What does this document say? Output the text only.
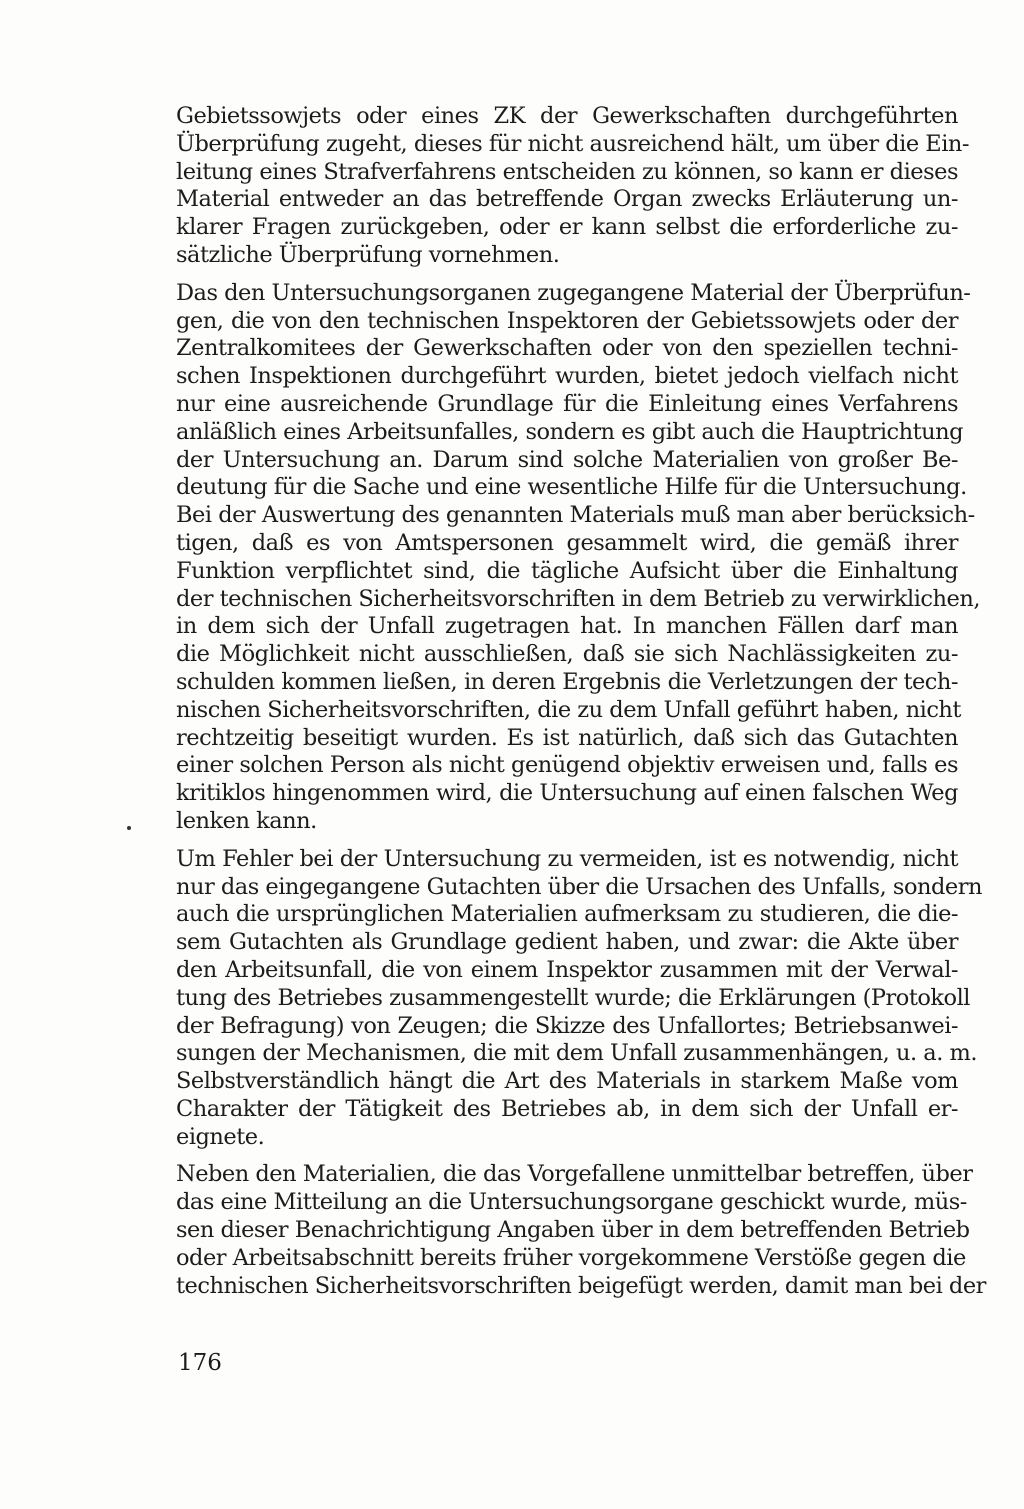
Gebietssowjets oder eines ZK der Gewerkschaften durchgeführten
Überprüfung zugeht, dieses für nicht ausreichend hält, um über die Ein-
leitung eines Strafverfahrens entscheiden zu können, so kann er dieses
Material entweder an das betreffende Organ zwecks Erläuterung un-
klarer Fragen zurückgeben, oder er kann selbst die erforderliche zu-
sätzliche Überprüfung vornehmen.

Das den Untersuchungsorganen zugegangene Material der Überprüfun-
gen, die von den technischen Inspektoren der Gebietssowjets oder der
Zentralkomitees der Gewerkschaften oder von den speziellen techni-
schen Inspektionen durchgeführt wurden, bietet jedoch vielfach nicht
nur eine ausreichende Grundlage für die Einleitung eines Verfahrens
anläßlich eines Arbeitsunfalles, sondern es gibt auch die Hauptrichtung
der Untersuchung an. Darum sind solche Materialien von großer Be-
deutung für die Sache und eine wesentliche Hilfe für die Untersuchung.
Bei der Auswertung des genannten Materials muß man aber berücksich-
tigen, daß es von Amtspersonen gesammelt wird, die gemäß ihrer
Funktion verpflichtet sind, die tägliche Aufsicht über die Einhaltung
der technischen Sicherheitsvorschriften in dem Betrieb zu verwirklichen,
in dem sich der Unfall zugetragen hat. In manchen Fällen darf man
die Möglichkeit nicht ausschließen, daß sie sich Nachlässigkeiten zu-
schulden kommen ließen, in deren Ergebnis die Verletzungen der tech-
nischen Sicherheitsvorschriften, die zu dem Unfall geführt haben, nicht
rechtzeitig beseitigt wurden. Es ist natürlich, daß sich das Gutachten
einer solchen Person als nicht genügend objektiv erweisen und, falls es
kritiklos hingenommen wird, die Untersuchung auf einen falschen Weg
lenken kann.

Um Fehler bei der Untersuchung zu vermeiden, ist es notwendig, nicht
nur das eingegangene Gutachten über die Ursachen des Unfalls, sondern
auch die ursprünglichen Materialien aufmerksam zu studieren, die die-
sem Gutachten als Grundlage gedient haben, und zwar: die Akte über
den Arbeitsunfall, die von einem Inspektor zusammen mit der Verwal-
tung des Betriebes zusammengestellt wurde; die Erklärungen (Protokoll
der Befragung) von Zeugen; die Skizze des Unfallortes; Betriebsanwei-
sungen der Mechanismen, die mit dem Unfall zusammenhängen, u. a. m.
Selbstverständlich hängt die Art des Materials in starkem Maße vom
Charakter der Tätigkeit des Betriebes ab, in dem sich der Unfall er-
eignete.

Neben den Materialien, die das Vorgefallene unmittelbar betreffen, über
das eine Mitteilung an die Untersuchungsorgane geschickt wurde, müs-
sen dieser Benachrichtigung Angaben über in dem betreffenden Betrieb
oder Arbeitsabschnitt bereits früher vorgekommene Verstöße gegen die
technischen Sicherheitsvorschriften beigefügt werden, damit man bei der

176
